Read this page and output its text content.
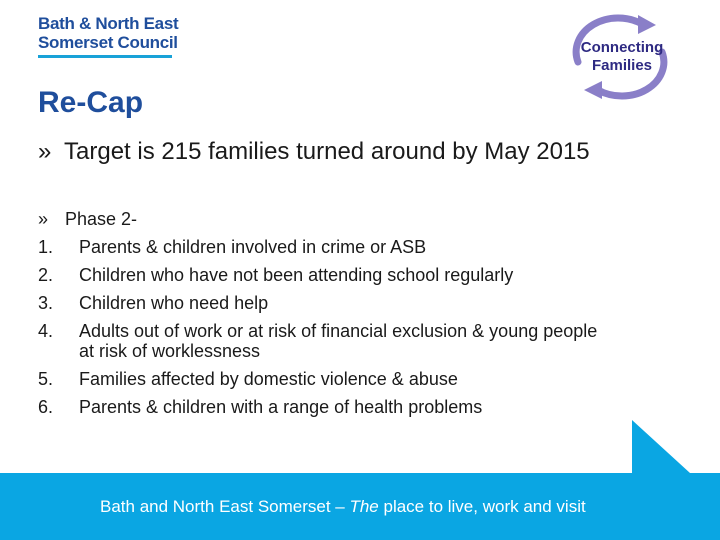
Bath & North East
Somerset Council	Connecting
Families
Re-Cap
» Target is 215 families turned around by May 2015
» Phase 2-
1.	Parents & children involved in crime or ASB
2.	Children who have not been attending school regularly
3.	Children who need help
4.	Adults out of work or at risk of financial exclusion & young people
at risk of worklessness
5.	Families affected by domestic violence & abuse
6.	Parents & children with a range of health problems
Bath and North East Somerset – The place to live, work and visit
